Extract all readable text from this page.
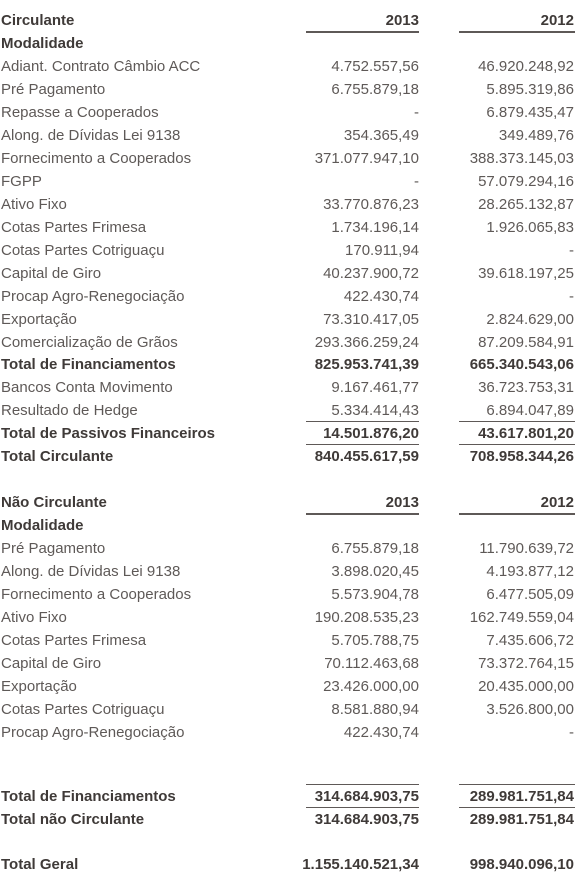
Circulante	2013	2012
Modalidade
Adiant. Contrato Câmbio ACC	4.752.557,56	46.920.248,92
Pré Pagamento	6.755.879,18	5.895.319,86
Repasse a Cooperados	-	6.879.435,47
Along. de Dívidas Lei 9138	354.365,49	349.489,76
Fornecimento a Cooperados	371.077.947,10	388.373.145,03
FGPP	-	57.079.294,16
Ativo Fixo	33.770.876,23	28.265.132,87
Cotas Partes Frimesa	1.734.196,14	1.926.065,83
Cotas Partes Cotriguaçu	170.911,94	-
Capital de Giro	40.237.900,72	39.618.197,25
Procap Agro-Renegociação	422.430,74	-
Exportação	73.310.417,05	2.824.629,00
Comercialização de Grãos	293.366.259,24	87.209.584,91
Total de Financiamentos	825.953.741,39	665.340.543,06
Bancos Conta Movimento	9.167.461,77	36.723.753,31
Resultado de Hedge	5.334.414,43	6.894.047,89
Total de Passivos Financeiros	14.501.876,20	43.617.801,20
Total Circulante	840.455.617,59	708.958.344,26
Não Circulante	2013	2012
Modalidade
Pré Pagamento	6.755.879,18	11.790.639,72
Along. de Dívidas Lei 9138	3.898.020,45	4.193.877,12
Fornecimento a Cooperados	5.573.904,78	6.477.505,09
Ativo Fixo	190.208.535,23	162.749.559,04
Cotas Partes Frimesa	5.705.788,75	7.435.606,72
Capital de Giro	70.112.463,68	73.372.764,15
Exportação	23.426.000,00	20.435.000,00
Cotas Partes Cotriguaçu	8.581.880,94	3.526.800,00
Procap Agro-Renegociação	422.430,74	-
Total de Financiamentos	314.684.903,75	289.981.751,84
Total não Circulante	314.684.903,75	289.981.751,84
Total Geral	1.155.140.521,34	998.940.096,10
